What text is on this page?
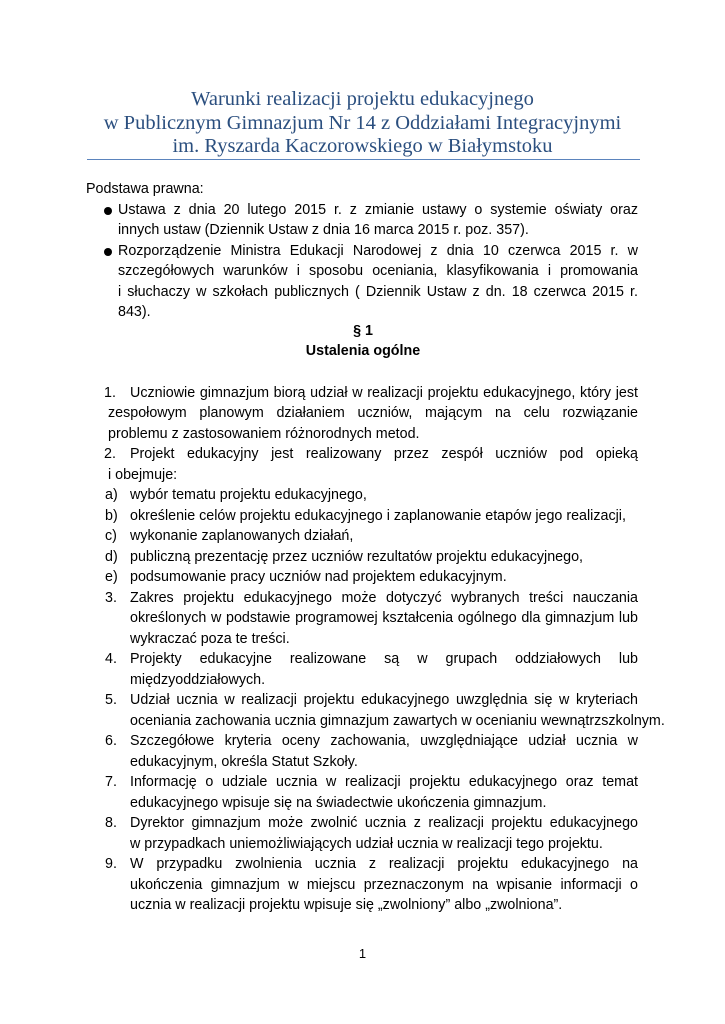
Warunki realizacji projektu edukacyjnego
w Publicznym Gimnazjum Nr 14 z Oddziałami Integracyjnymi
im. Ryszarda Kaczorowskiego w Białymstoku
Podstawa prawna:
Ustawa z dnia 20 lutego 2015 r. z zmianie ustawy o systemie oświaty oraz
innych ustaw (Dziennik Ustaw z dnia 16 marca 2015 r. poz. 357).
Rozporządzenie Ministra Edukacji Narodowej z dnia 10 czerwca 2015 r. w
szczegółowych warunków i sposobu oceniania, klasyfikowania i promowania
i słuchaczy w szkołach publicznych ( Dziennik Ustaw z dn. 18 czerwca 2015 r.
843).
§ 1
Ustalenia ogólne
1. Uczniowie gimnazjum biorą udział w realizacji projektu edukacyjnego, który jest
zespołowym planowym działaniem uczniów, mającym na celu rozwiązanie
problemu z zastosowaniem różnorodnych metod.
2. Projekt edukacyjny jest realizowany przez zespół uczniów pod opieką
i obejmuje:
a) wybór tematu projektu edukacyjnego,
b) określenie celów projektu edukacyjnego i zaplanowanie etapów jego realizacji,
c) wykonanie zaplanowanych działań,
d) publiczną prezentację przez uczniów rezultatów projektu edukacyjnego,
e) podsumowanie pracy uczniów nad projektem edukacyjnym.
3. Zakres projektu edukacyjnego może dotyczyć wybranych treści nauczania
określonych w podstawie programowej kształcenia ogólnego dla gimnazjum lub
wykraczać poza te treści.
4. Projekty edukacyjne realizowane są w grupach oddziałowych lub
międzyoddziałowych.
5. Udział ucznia w realizacji projektu edukacyjnego uwzględnia się w kryteriach
oceniania zachowania ucznia gimnazjum zawartych w ocenianiu wewnątrzszkolnym.
6. Szczegółowe kryteria oceny zachowania, uwzględniające udział ucznia w
edukacyjnym, określa Statut Szkoły.
7. Informację o udziale ucznia w realizacji projektu edukacyjnego oraz temat
edukacyjnego wpisuje się na świadectwie ukończenia gimnazjum.
8. Dyrektor gimnazjum może zwolnić ucznia z realizacji projektu edukacyjnego
w przypadkach uniemożliwiających udział ucznia w realizacji tego projektu.
9. W przypadku zwolnienia ucznia z realizacji projektu edukacyjnego na
ukończenia gimnazjum w miejscu przeznaczonym na wpisanie informacji o
ucznia w realizacji projektu wpisuje się „zwolniony” albo „zwolniona”.
1
